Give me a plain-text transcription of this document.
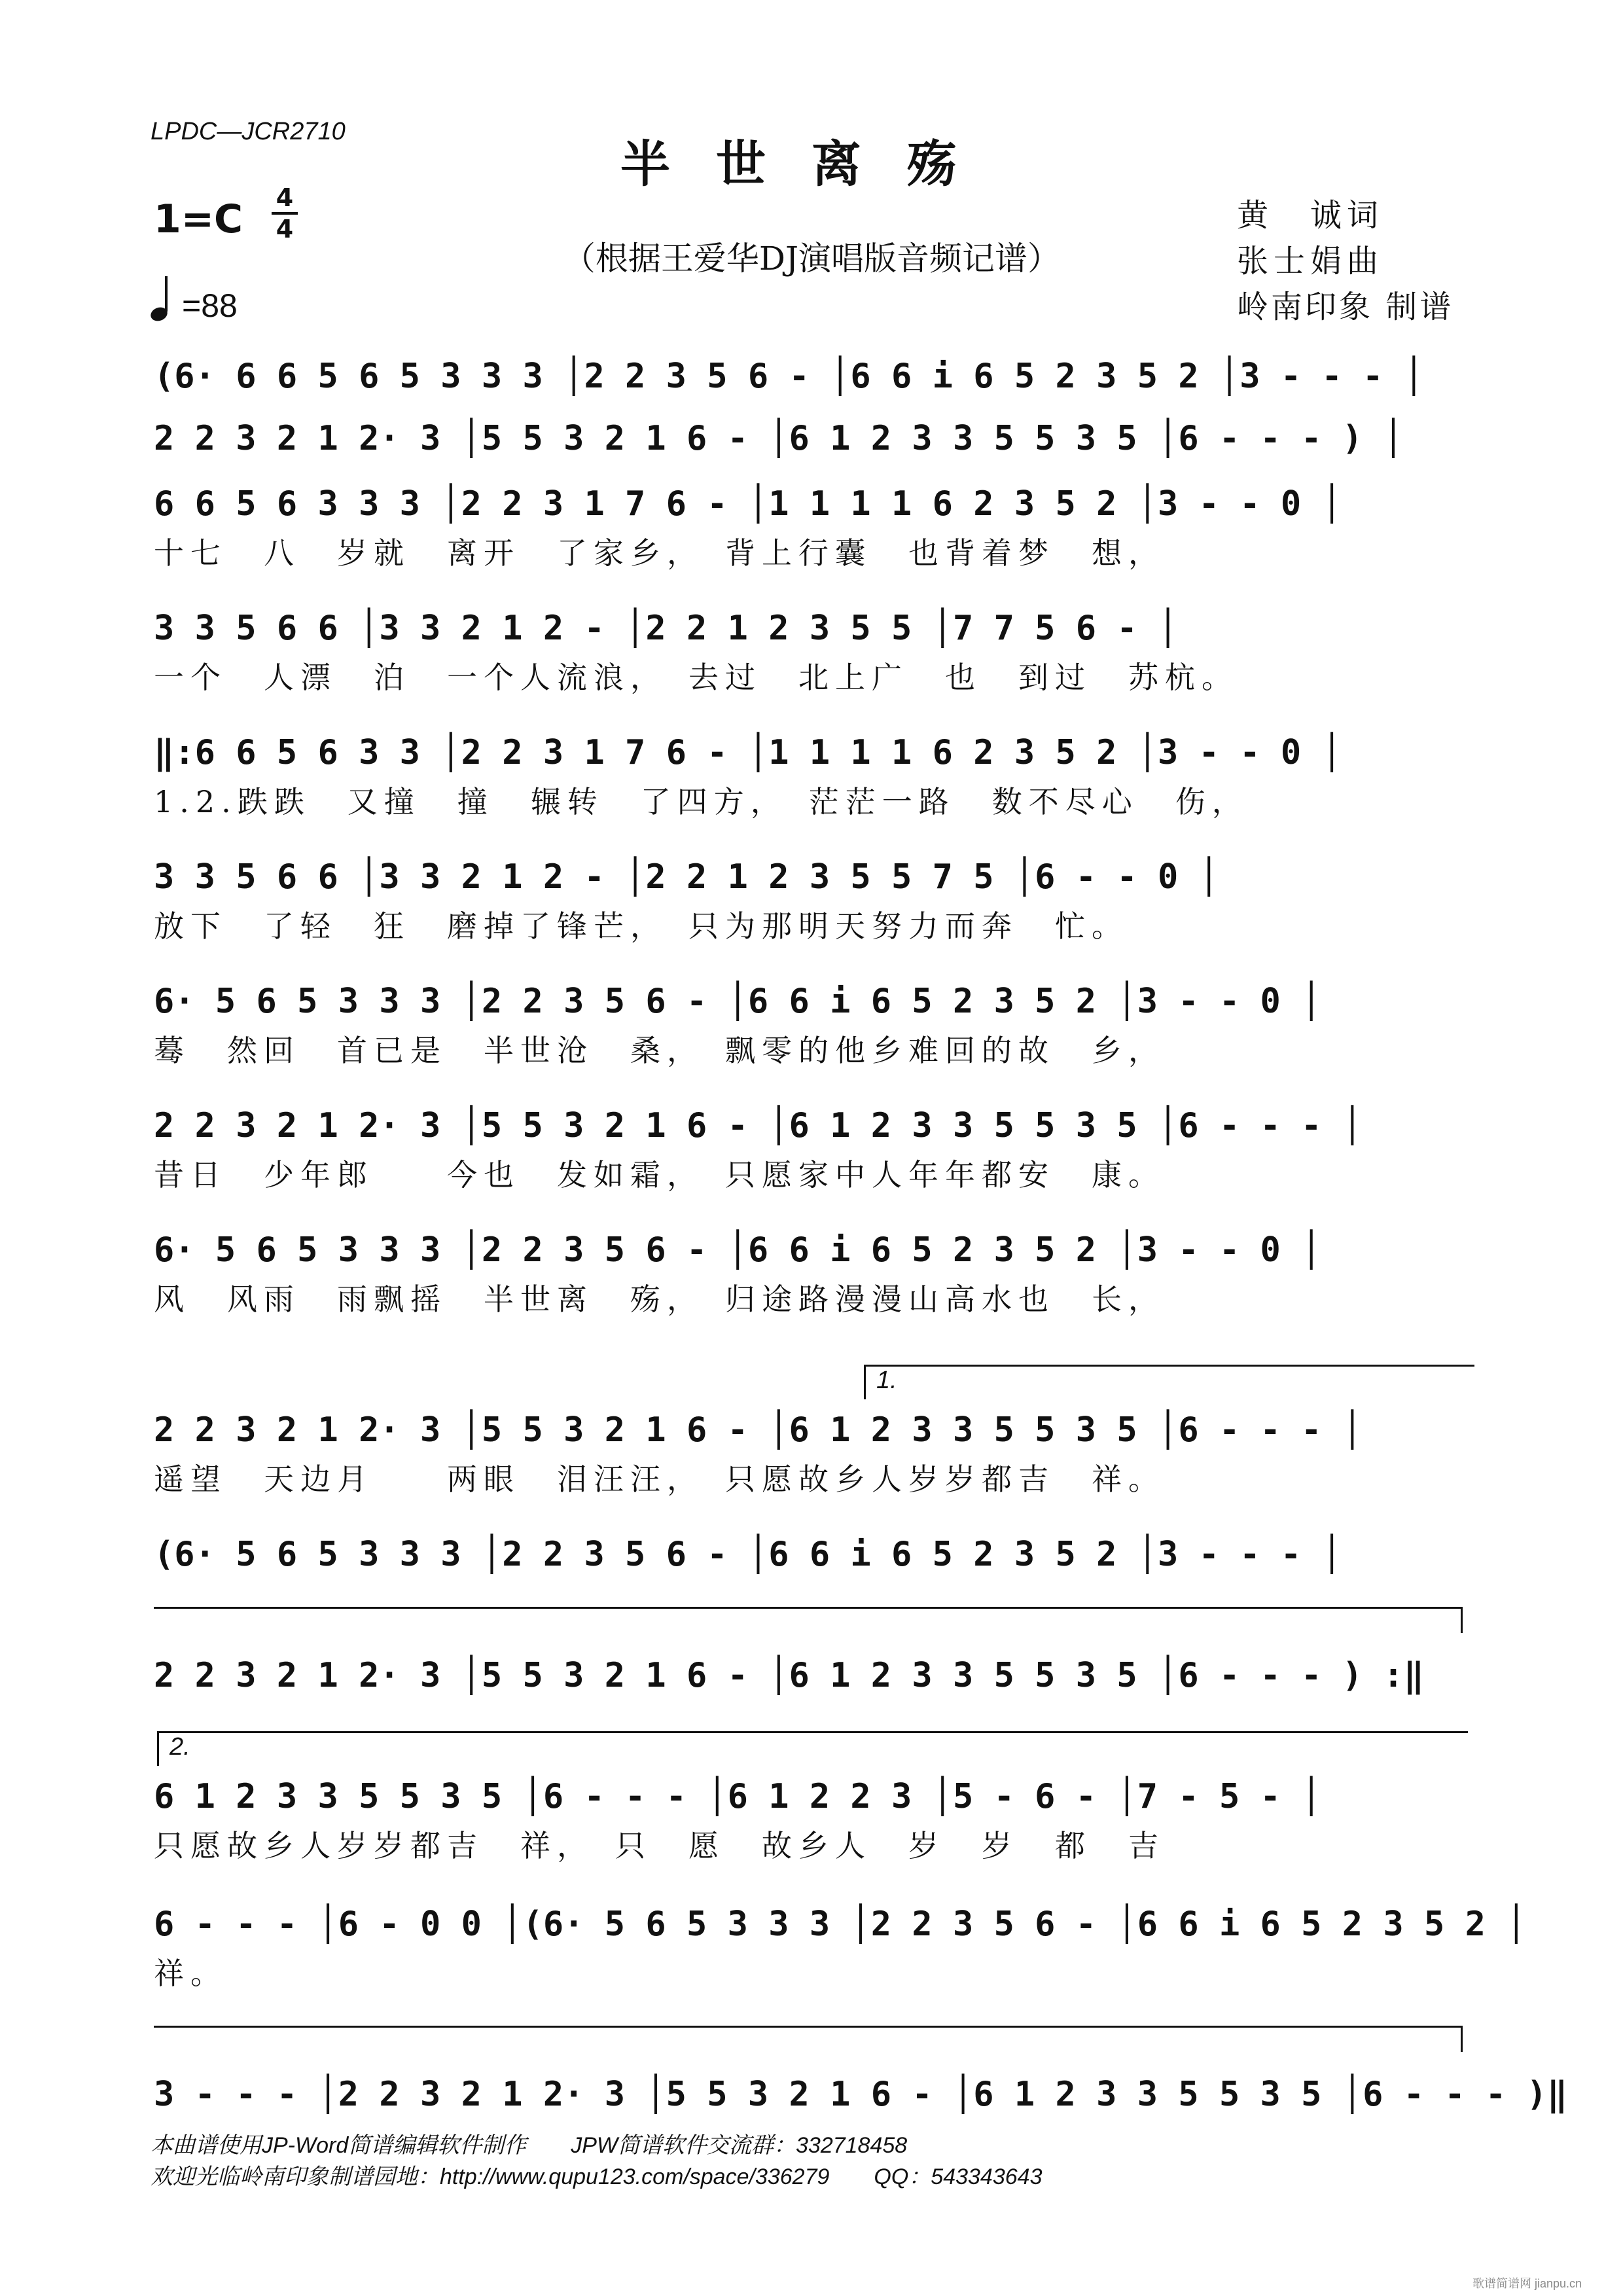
LPDC—JCR2710
半世离殇
（根据王爱华DJ演唱版音频记谱）
1=C 4
4
=88
黄　诚词
张士娟曲
岭南印象 制谱
(6· 6 6 5 6 5 3 3 3 │2 2 3 5 6 - │6 6 i 6 5 2 3 5 2 │3 - - - │
2 2 3 2 1 2· 3 │5 5 3 2 1 6 - │6 1 2 3 3 5 5 3 5 │6 - - - ) │
6 6 5 6 3 3 3 │2 2 3 1 7 6 - │1 1 1 1 6 2 3 5 2 │3 - - 0 │
十七　八　岁就　离开　了家乡，　背上行囊　也背着梦　想，
3 3 5 6 6 │3 3 2 1 2 - │2 2 1 2 3 5 5 │7 7 5 6 - │
一个　人漂　泊　一个人流浪，　去过　北上广　也　到过　苏杭。
‖:6 6 5 6 3 3 │2 2 3 1 7 6 - │1 1 1 1 6 2 3 5 2 │3 - - 0 │
1.2.跌跌　又撞　撞　辗转　了四方，　茫茫一路　数不尽心　伤，
3 3 5 6 6 │3 3 2 1 2 - │2 2 1 2 3 5 5 7 5 │6 - - 0 │
放下　了轻　狂　磨掉了锋芒，　只为那明天努力而奔　忙。
6· 5 6 5 3 3 3 │2 2 3 5 6 - │6 6 i 6 5 2 3 5 2 │3 - - 0 │
蓦　然回　首已是　半世沧　桑，　飘零的他乡难回的故　乡，
2 2 3 2 1 2· 3 │5 5 3 2 1 6 - │6 1 2 3 3 5 5 3 5 │6 - - - │
昔日　少年郎　　今也　发如霜，　只愿家中人年年都安　康。
6· 5 6 5 3 3 3 │2 2 3 5 6 - │6 6 i 6 5 2 3 5 2 │3 - - 0 │
风　风雨　雨飘摇　半世离　殇，　归途路漫漫山高水也　长，
1.
2 2 3 2 1 2· 3 │5 5 3 2 1 6 - │6 1 2 3 3 5 5 3 5 │6 - - - │
遥望　天边月　　两眼　泪汪汪，　只愿故乡人岁岁都吉　祥。
(6· 5 6 5 3 3 3 │2 2 3 5 6 - │6 6 i 6 5 2 3 5 2 │3 - - - │
2 2 3 2 1 2· 3 │5 5 3 2 1 6 - │6 1 2 3 3 5 5 3 5 │6 - - - ) :‖
2.
6 1 2 3 3 5 5 3 5 │6 - - - │6 1 2 2 3 │5 - 6 - │7 - 5 - │
只愿故乡人岁岁都吉　祥，　只　愿　故乡人　岁　岁　都　吉
6 - - - │6 - 0 0 │(6· 5 6 5 3 3 3 │2 2 3 5 6 - │6 6 i 6 5 2 3 5 2 │
祥。
3 - - - │2 2 3 2 1 2· 3 │5 5 3 2 1 6 - │6 1 2 3 3 5 5 3 5 │6 - - - )‖
本曲谱使用JP-Word简谱编辑软件制作　　JPW简谱软件交流群：332718458
欢迎光临岭南印象制谱园地：http://www.qupu123.com/space/336279　　QQ：543343643
歌谱简谱网 jianpu.cn
